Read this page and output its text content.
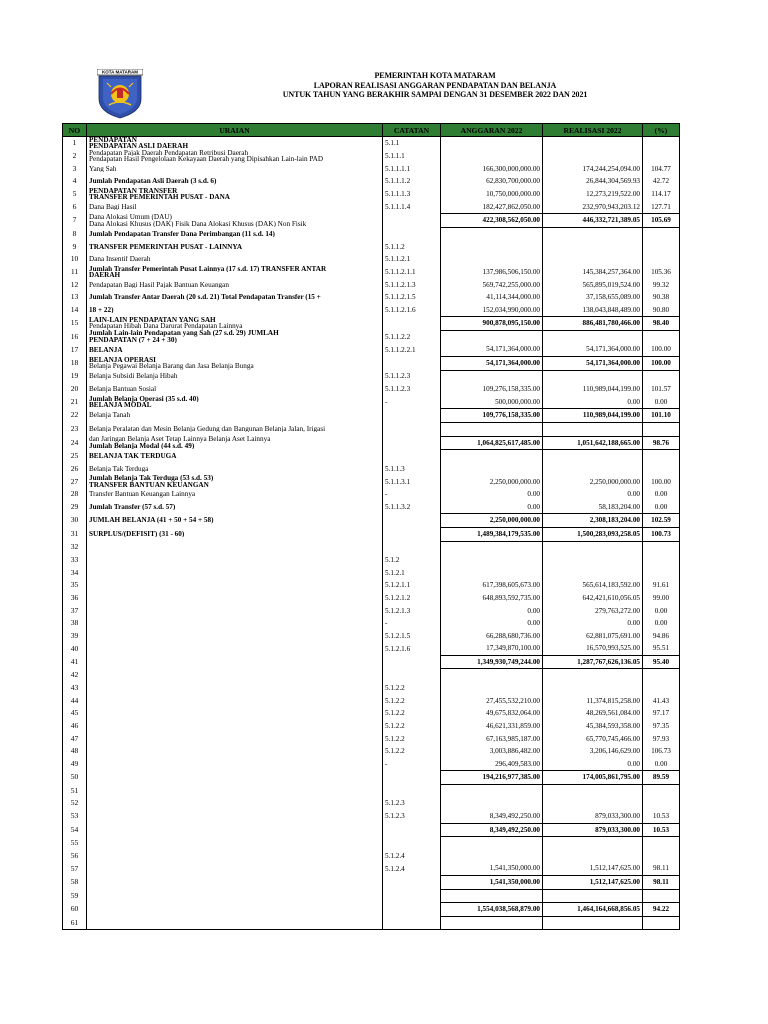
KOTA MATARAM	PEMERINTAH KOTA MATARAM
LAPORAN REALISASI ANGGARAN PENDAPATAN DAN BELANJA
UNTUK TAHUN YANG BERAKHIR SAMPAI DENGAN 31 DESEMBER 2022 DAN 2021
NO	URAIAN	CATATAN	ANGGARAN 2022	REALISASI 2022	(%)
1	PENDAPATAN
PENDAPATAN ASLI DAERAH	5.1.1			
2	Pendapatan Pajak Daerah Pendapatan Retribusi Daerah
Pendapatan Hasil Pengelolaan Kekayaan Daerah yang Dipisahkan Lain-lain PAD	5.1.1.1			
3	Yang Sah	5.1.1.1.1	166,300,000,000.00	174,244,254,094.00	104.77
4	Jumlah Pendapatan Asli Daerah (3 s.d. 6)	5.1.1.1.2	62,830,700,000.00	26,844,304,569.93	42.72
5	PENDAPATAN TRANSFER
TRANSFER PEMERINTAH PUSAT - DANA	5.1.1.1.3	10,750,000,000.00	12,273,219,522.00	114.17
6	Dana Bagi Hasil	5.1.1.1.4	182,427,862,050.00	232,970,943,203.12	127.71
7	Dana Alokasi Umum (DAU)
Dana Alokasi Khusus (DAK) Fisik Dana Alokasi Khusus (DAK) Non Fisik		422,308,562,050.00	446,332,721,389.05	105.69
8	Jumlah Pendapatan Transfer Dana Perimbangan (11 s.d. 14)				

9	TRANSFER PEMERINTAH PUSAT - LAINNYA	5.1.1.2			
10	Dana Insentif Daerah	5.1.1.2.1			
11	Jumlah Transfer Pemerintah Pusat Lainnya (17 s.d. 17) TRANSFER ANTAR
DAERAH	5.1.1.2.1.1	137,986,506,150.00	145,384,257,364.00	105.36
12	Pendapatan Bagi Hasil Pajak Bantuan Keuangan	5.1.1.2.1.3	569,742,255,000.00	565,895,019,524.00	99.32
13	Jumlah Transfer Antar Daerah (20 s.d. 21) Total Pendapatan Transfer (15 +	5.1.1.2.1.5	41,114,344,000.00	37,158,655,089.00	90.38
14	18 + 22)	5.1.1.2.1.6	152,034,990,000.00	138,043,848,489.00	90.80
15	LAIN-LAIN PENDAPATAN YANG SAH
Pendapatan Hibah Dana Darurat Pendapatan Lainnya		900,878,095,150.00	886,481,780,466.00	98.40
16	Jumlah Lain-lain Pendapatan yang Sah (27 s.d. 29) JUMLAH
PENDAPATAN (7 + 24 + 30)	5.1.1.2.2			
17	BELANJA	5.1.1.2.2.1	54,171,364,000.00	54,171,364,000.00	100.00
18	BELANJA OPERASI
Belanja Pegawai Belanja Barang dan Jasa Belanja Bunga		54,171,364,000.00	54,171,364,000.00	100.00
19	Belanja Subsidi Belanja Hibah	5.1.1.2.3			
20	Belanja Bantuan Sosial	5.1.1.2.3	109,276,158,335.00	110,989,044,199.00	101.57
21	Jumlah Belanja Operasi (35 s.d. 40)
BELANJA MODAL	-	500,000,000.00	0.00	0.00
22	Belanja Tanah		109,776,158,335.00	110,989,044,199.00	101.10
23	Belanja Peralatan dan Mesin Belanja Gedung dan Bangunan Belanja Jalan, Irigasi				

24	dan Jaringan Belanja Aset Tetap Lainnya Belanja Aset Lainnya
Jumlah Belanja Modal (44 s.d. 49)		1,064,825,617,485.00	1,051,642,188,665.00	98.76
25	BELANJA TAK TERDUGA				

26	Belanja Tak Terduga	5.1.1.3			
27	Jumlah Belanja Tak Terduga (53 s.d. 53)
TRANSFER BANTUAN KEUANGAN	5.1.1.3.1	2,250,000,000.00	2,250,000,000.00	100.00
28	Transfer Bantuan Keuangan Lainnya	-	0.00	0.00	0.00
29	Jumlah Transfer (57 s.d. 57)	5.1.1.3.2	0.00	58,183,204.00	0.00
30	JUMLAH BELANJA (41 + 50 + 54 + 58)		2,250,000,000.00	2,308,183,204.00	102.59
31	SURPLUS/(DEFISIT) (31 - 60)		1,489,384,179,535.00	1,500,283,093,258.05	100.73
32	

33		5.1.2			
34		5.1.2.1			
35		5.1.2.1.1	617,398,605,673.00	565,614,183,592.00	91.61
36		5.1.2.1.2	648,893,592,735.00	642,421,610,056.05	99.00
37		5.1.2.1.3	0.00	279,763,272.00	0.00
38		-	0.00	0.00	0.00
39		5.1.2.1.5	66,288,680,736.00	62,881,075,691.00	94.86
40		5.1.2.1.6	17,349,870,100.00	16,570,993,525.00	95.51
41			1,349,930,749,244.00	1,287,767,626,136.05	95.40
42	

43		5.1.2.2			
44		5.1.2.2	27,455,532,210.00	11,374,815,258.00	41.43
45		5.1.2.2	49,675,832,064.00	48,269,561,084.00	97.17
46		5.1.2.2	46,621,331,859.00	45,384,593,358.00	97.35
47		5.1.2.2	67,163,985,187.00	65,770,745,466.00	97.93
48		5.1.2.2	3,003,886,482.00	3,206,146,629.00	106.73
49		-	296,409,583.00	0.00	0.00
50			194,216,977,385.00	174,005,861,795.00	89.59
51	

52		5.1.2.3			
53		5.1.2.3	8,349,492,250.00	879,033,300.00	10.53
54			8,349,492,250.00	879,033,300.00	10.53
55	

56		5.1.2.4			
57		5.1.2.4	1,541,350,000.00	1,512,147,625.00	98.11
58			1,541,350,000.00	1,512,147,625.00	98.11
59	

60			1,554,038,568,879.00	1,464,164,668,856.05	94.22
61	
